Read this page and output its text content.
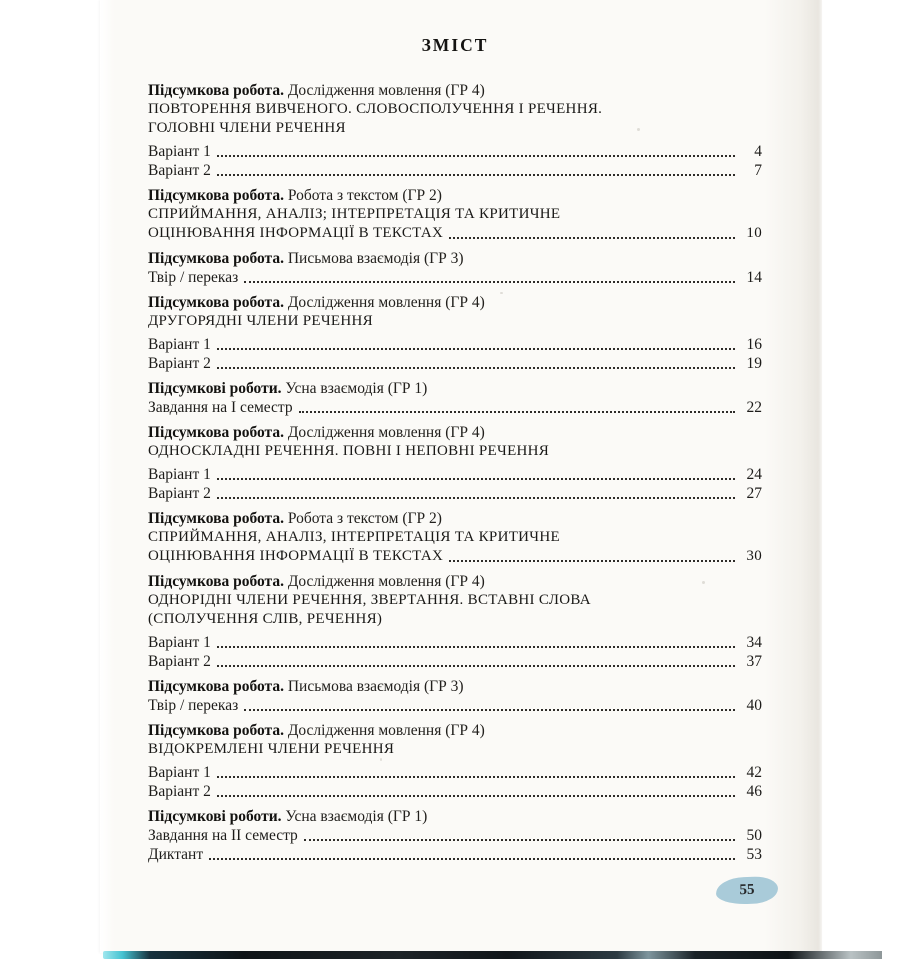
ЗМІСТ
Підсумкова робота. Дослідження мовлення (ГР 4)
ПОВТОРЕННЯ ВИВЧЕНОГО. СЛОВОСПОЛУЧЕННЯ І РЕЧЕННЯ.
ГОЛОВНІ ЧЛЕНИ РЕЧЕННЯ
Варіант 1	4
Варіант 2	7
Підсумкова робота. Робота з текстом (ГР 2)
СПРИЙМАННЯ, АНАЛІЗ; ІНТЕРПРЕТАЦІЯ ТА КРИТИЧНЕ
ОЦІНЮВАННЯ ІНФОРМАЦІЇ В ТЕКСТАХ	10
Підсумкова робота. Письмова взаємодія (ГР 3)
Твір / переказ	14
Підсумкова робота. Дослідження мовлення (ГР 4)
ДРУГОРЯДНІ ЧЛЕНИ РЕЧЕННЯ
Варіант 1	16
Варіант 2	19
Підсумкові роботи. Усна взаємодія (ГР 1)
Завдання на І семестр	22
Підсумкова робота. Дослідження мовлення (ГР 4)
ОДНОСКЛАДНІ РЕЧЕННЯ. ПОВНІ І НЕПОВНІ РЕЧЕННЯ
Варіант 1	24
Варіант 2	27
Підсумкова робота. Робота з текстом (ГР 2)
СПРИЙМАННЯ, АНАЛІЗ, ІНТЕРПРЕТАЦІЯ ТА КРИТИЧНЕ
ОЦІНЮВАННЯ ІНФОРМАЦІЇ В ТЕКСТАХ	30
Підсумкова робота. Дослідження мовлення (ГР 4)
ОДНОРІДНІ ЧЛЕНИ РЕЧЕННЯ, ЗВЕРТАННЯ. ВСТАВНІ СЛОВА
(СПОЛУЧЕННЯ СЛІВ, РЕЧЕННЯ)
Варіант 1	34
Варіант 2	37
Підсумкова робота. Письмова взаємодія (ГР 3)
Твір / переказ	40
Підсумкова робота. Дослідження мовлення (ГР 4)
ВІДОКРЕМЛЕНІ ЧЛЕНИ РЕЧЕННЯ
Варіант 1	42
Варіант 2	46
Підсумкові роботи. Усна взаємодія (ГР 1)
Завдання на ІІ семестр	50
Диктант	53
55
